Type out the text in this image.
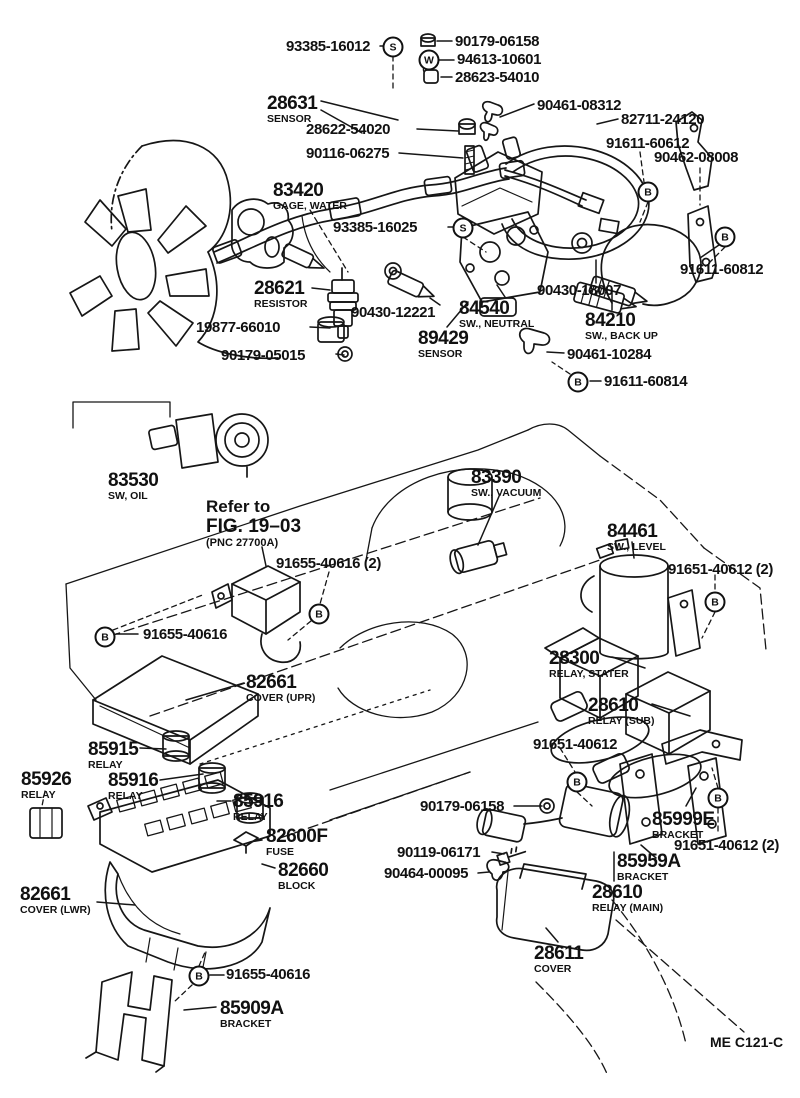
93385-16012	90179-06158
94613-10601
28623-54010
28631
SENSOR
90461-08312
82711-24120
28622-54020
91611-60612
90116-06275	90462-08008
83420
GAGE, WATER
93385-16025
91611-60812
28621
RESISTOR
90430-18007
90430-12221 84540
SW., NEUTRAL	84210
SW., BACK UP
19877-66010
89429
SENSOR
90179-05015	90461-10284
91611-60814
83530
SW, OIL
83390
SW., VACUUM
84461
SW., LEVEL
91655-40616 (2)	91651-40612 (2)
91655-40616
28300
RELAY, STATER
82661
COVER (UPR)	28610
RELAY (SUB)
85915
RELAY
91651-40612
85926
RELAY
85916
RELAY	85916
RELAY
90179-06158
85999E
BRACKET
82600F
FUSE	91651-40612 (2)
90119-06171	85959A
BRACKET
82660
BLOCK
90464-00095
28610
RELAY (MAIN)
82661
COVER (LWR)
28611
COVER
91655-40616
85909A
BRACKET
S
W
S
B
B
B
B
B
B
B
B
B
Refer to
FIG. 19–03
(PNC 27700A)
ME C121-C
